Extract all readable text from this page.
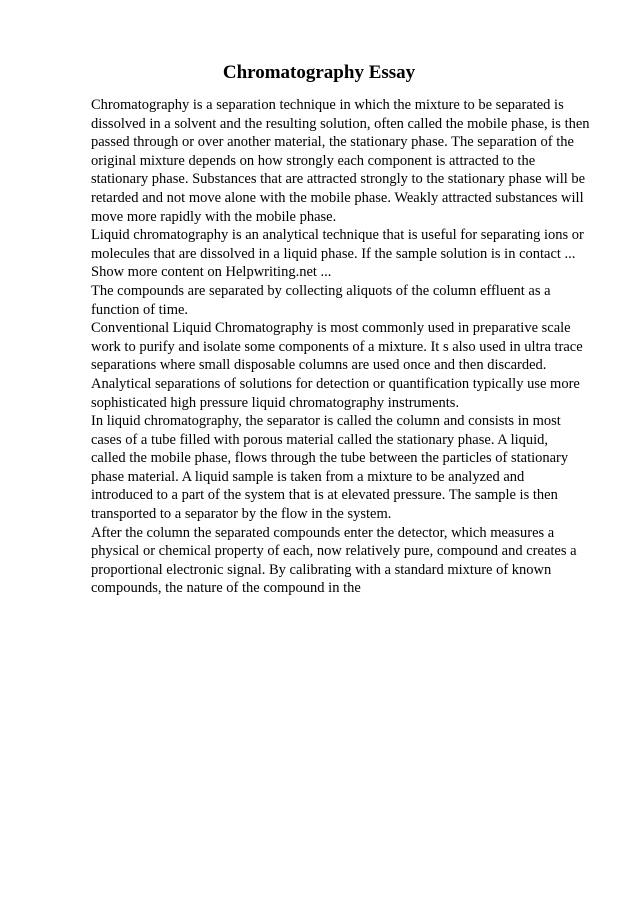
Chromatography Essay

Chromatography is a separation technique in which the mixture to be separated is
dissolved in a solvent and the resulting solution, often called the mobile phase, is then
passed through or over another material, the stationary phase. The separation of the
original mixture depends on how strongly each component is attracted to the
stationary phase. Substances that are attracted strongly to the stationary phase will be
retarded and not move alone with the mobile phase. Weakly attracted substances will
move more rapidly with the mobile phase.

Liquid chromatography is an analytical technique that is useful for separating ions or
molecules that are dissolved in a liquid phase. If the sample solution is in contact ...
Show more content on Helpwriting.net ...

The compounds are separated by collecting aliquots of the column effluent as a
function of time.

Conventional Liquid Chromatography is most commonly used in preparative scale
work to purify and isolate some components of a mixture. It s also used in ultra trace
separations where small disposable columns are used once and then discarded.
Analytical separations of solutions for detection or quantification typically use more
sophisticated high pressure liquid chromatography instruments.

In liquid chromatography, the separator is called the column and consists in most
cases of a tube filled with porous material called the stationary phase. A liquid,
called the mobile phase, flows through the tube between the particles of stationary
phase material. A liquid sample is taken from a mixture to be analyzed and
introduced to a part of the system that is at elevated pressure. The sample is then
transported to a separator by the flow in the system.

After the column the separated compounds enter the detector, which measures a
physical or chemical property of each, now relatively pure, compound and creates a
proportional electronic signal. By calibrating with a standard mixture of known
compounds, the nature of the compound in the
